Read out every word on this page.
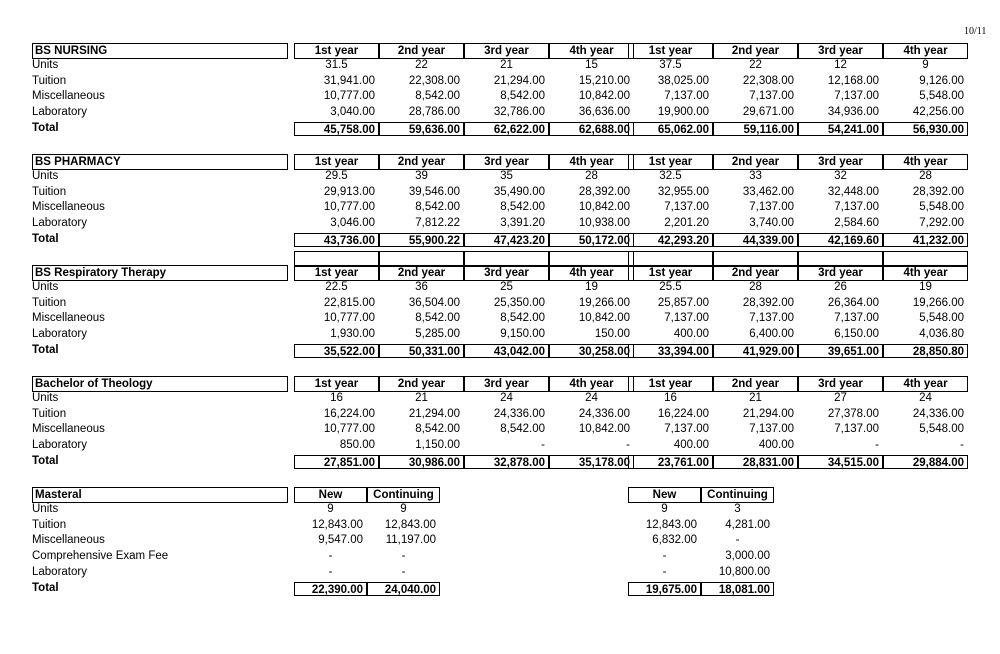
10/11
BS NURSING	1st year	2nd year	3rd year	4th year	1st year	2nd year	3rd year	4th year
Units	31.5	22	21	15	37.5	22	12	9
Tuition	31,941.00	22,308.00	21,294.00	15,210.00	38,025.00	22,308.00	12,168.00	9,126.00
Miscellaneous	10,777.00	8,542.00	8,542.00	10,842.00	7,137.00	7,137.00	7,137.00	5,548.00
Laboratory	3,040.00	28,786.00	32,786.00	36,636.00	19,900.00	29,671.00	34,936.00	42,256.00
Total	45,758.00	59,636.00	62,622.00	62,688.00	65,062.00	59,116.00	54,241.00	56,930.00
BS PHARMACY	1st year	2nd year	3rd year	4th year	1st year	2nd year	3rd year	4th year
Units	29.5	39	35	28	32.5	33	32	28
Tuition	29,913.00	39,546.00	35,490.00	28,392.00	32,955.00	33,462.00	32,448.00	28,392.00
Miscellaneous	10,777.00	8,542.00	8,542.00	10,842.00	7,137.00	7,137.00	7,137.00	5,548.00
Laboratory	3,046.00	7,812.22	3,391.20	10,938.00	2,201.20	3,740.00	2,584.60	7,292.00
Total	43,736.00	55,900.22	47,423.20	50,172.00	42,293.20	44,339.00	42,169.60	41,232.00
BS Respiratory Therapy	1st year	2nd year	3rd year	4th year	1st year	2nd year	3rd year	4th year
Units	22.5	36	25	19	25.5	28	26	19
Tuition	22,815.00	36,504.00	25,350.00	19,266.00	25,857.00	28,392.00	26,364.00	19,266.00
Miscellaneous	10,777.00	8,542.00	8,542.00	10,842.00	7,137.00	7,137.00	7,137.00	5,548.00
Laboratory	1,930.00	5,285.00	9,150.00	150.00	400.00	6,400.00	6,150.00	4,036.80
Total	35,522.00	50,331.00	43,042.00	30,258.00	33,394.00	41,929.00	39,651.00	28,850.80
Bachelor of Theology	1st year	2nd year	3rd year	4th year	1st year	2nd year	3rd year	4th year
Units	16	21	24	24	16	21	27	24
Tuition	16,224.00	21,294.00	24,336.00	24,336.00	16,224.00	21,294.00	27,378.00	24,336.00
Miscellaneous	10,777.00	8,542.00	8,542.00	10,842.00	7,137.00	7,137.00	7,137.00	5,548.00
Laboratory	850.00	1,150.00	-	-	400.00	400.00	-	-
Total	27,851.00	30,986.00	32,878.00	35,178.00	23,761.00	28,831.00	34,515.00	29,884.00
Masteral	New	Continuing	New	Continuing
Units	9	9	9	3
Tuition	12,843.00	12,843.00	12,843.00	4,281.00
Miscellaneous	9,547.00	11,197.00	6,832.00	-
Comprehensive Exam Fee	-	-	-	3,000.00
Laboratory	-	-	-	10,800.00
Total	22,390.00	24,040.00	19,675.00	18,081.00
